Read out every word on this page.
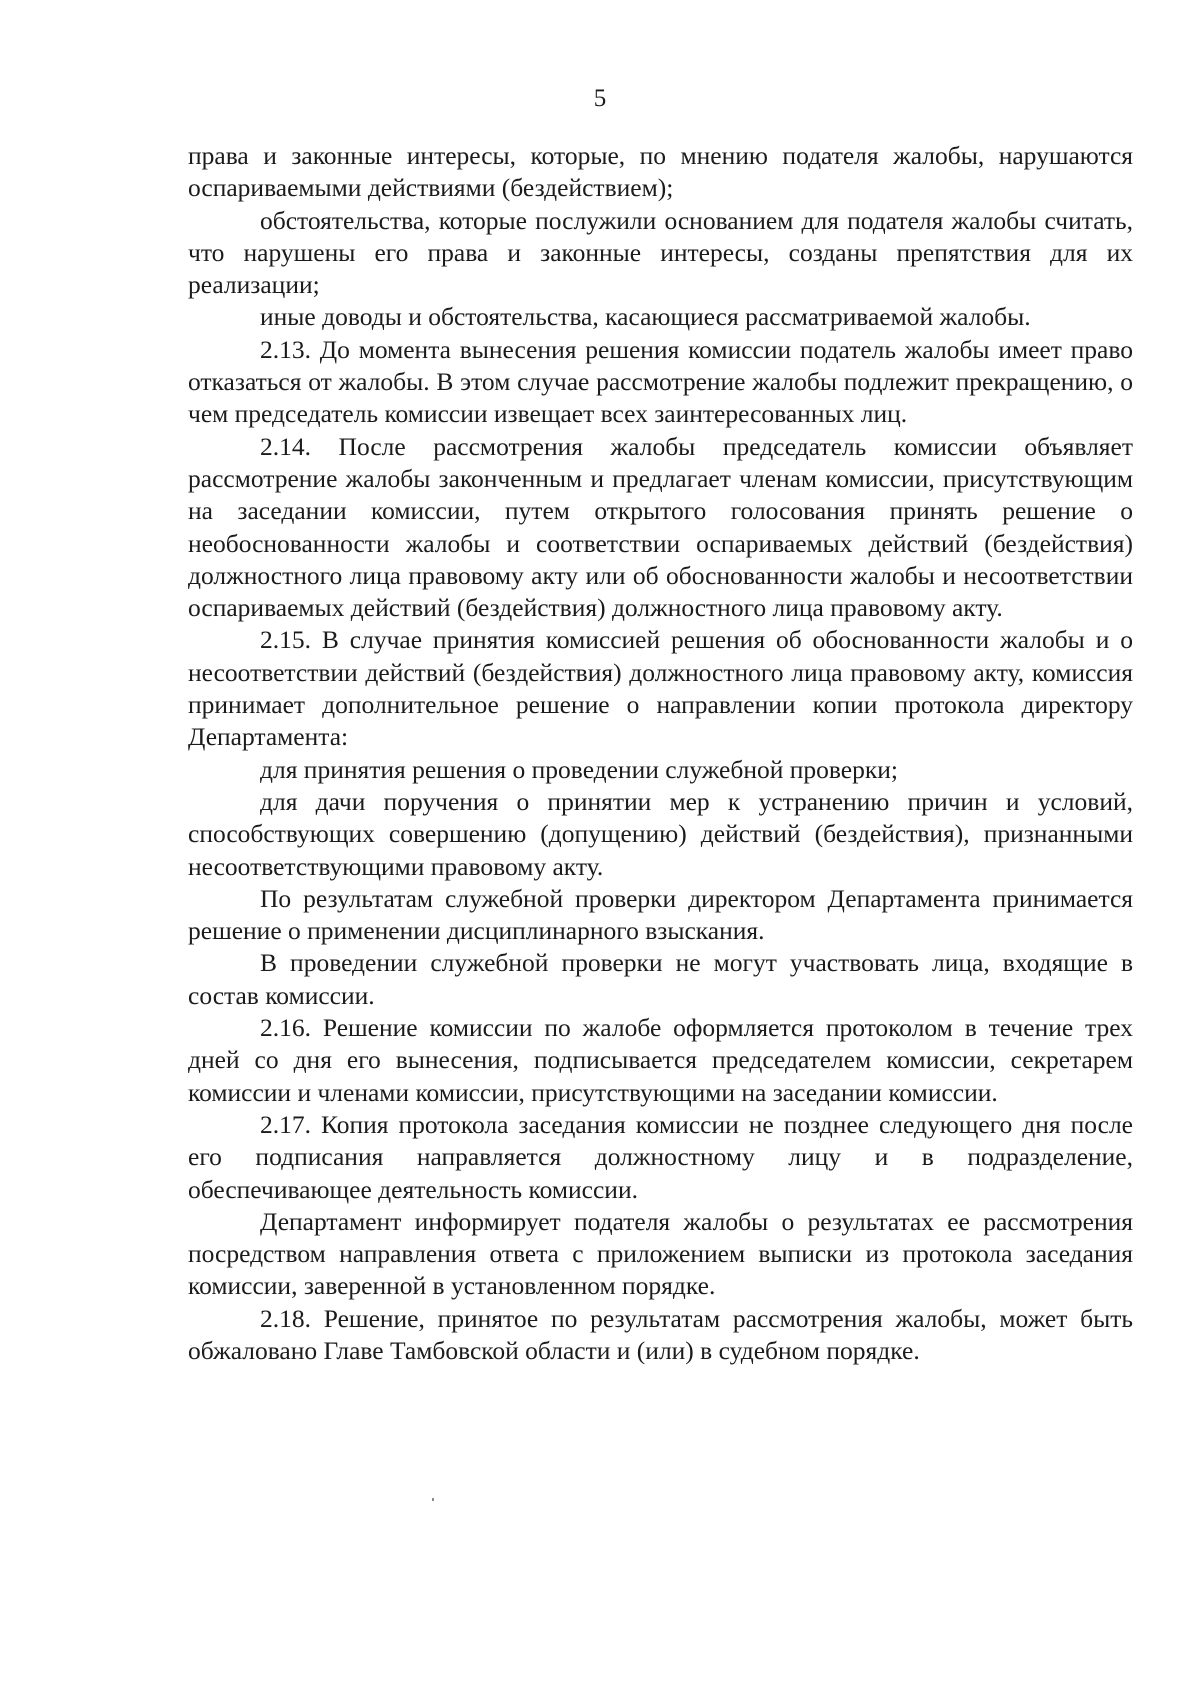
5

права и законные интересы, которые, по мнению подателя жалобы, нарушаются оспариваемыми действиями (бездействием);

обстоятельства, которые послужили основанием для подателя жалобы считать, что нарушены его права и законные интересы, созданы препятствия для их реализации;

иные доводы и обстоятельства, касающиеся рассматриваемой жалобы.

2.13. До момента вынесения решения комиссии податель жалобы имеет право отказаться от жалобы. В этом случае рассмотрение жалобы подлежит прекращению, о чем председатель комиссии извещает всех заинтересованных лиц.

2.14. После рассмотрения жалобы председатель комиссии объявляет рассмотрение жалобы законченным и предлагает членам комиссии, присутствующим на заседании комиссии, путем открытого голосования принять решение о необоснованности жалобы и соответствии оспариваемых действий (бездействия) должностного лица правовому акту или об обоснованности жалобы и несоответствии оспариваемых действий (бездействия) должностного лица правовому акту.

2.15. В случае принятия комиссией решения об обоснованности жалобы и о несоответствии действий (бездействия) должностного лица правовому акту, комиссия принимает дополнительное решение о направлении копии протокола директору Департамента:

для принятия решения о проведении служебной проверки;

для дачи поручения о принятии мер к устранению причин и условий, способствующих совершению (допущению) действий (бездействия), признанными несоответствующими правовому акту.

По результатам служебной проверки директором Департамента принимается решение о применении дисциплинарного взыскания.

В проведении служебной проверки не могут участвовать лица, входящие в состав комиссии.

2.16. Решение комиссии по жалобе оформляется протоколом в течение трех дней со дня его вынесения, подписывается председателем комиссии, секретарем комиссии и членами комиссии, присутствующими на заседании комиссии.

2.17. Копия протокола заседания комиссии не позднее следующего дня после его подписания направляется должностному лицу и в подразделение, обеспечивающее деятельность комиссии.

Департамент информирует подателя жалобы о результатах ее рассмотрения посредством направления ответа с приложением выписки из протокола заседания комиссии, заверенной в установленном порядке.

2.18. Решение, принятое по результатам рассмотрения жалобы, может быть обжаловано Главе Тамбовской области и (или) в судебном порядке.
